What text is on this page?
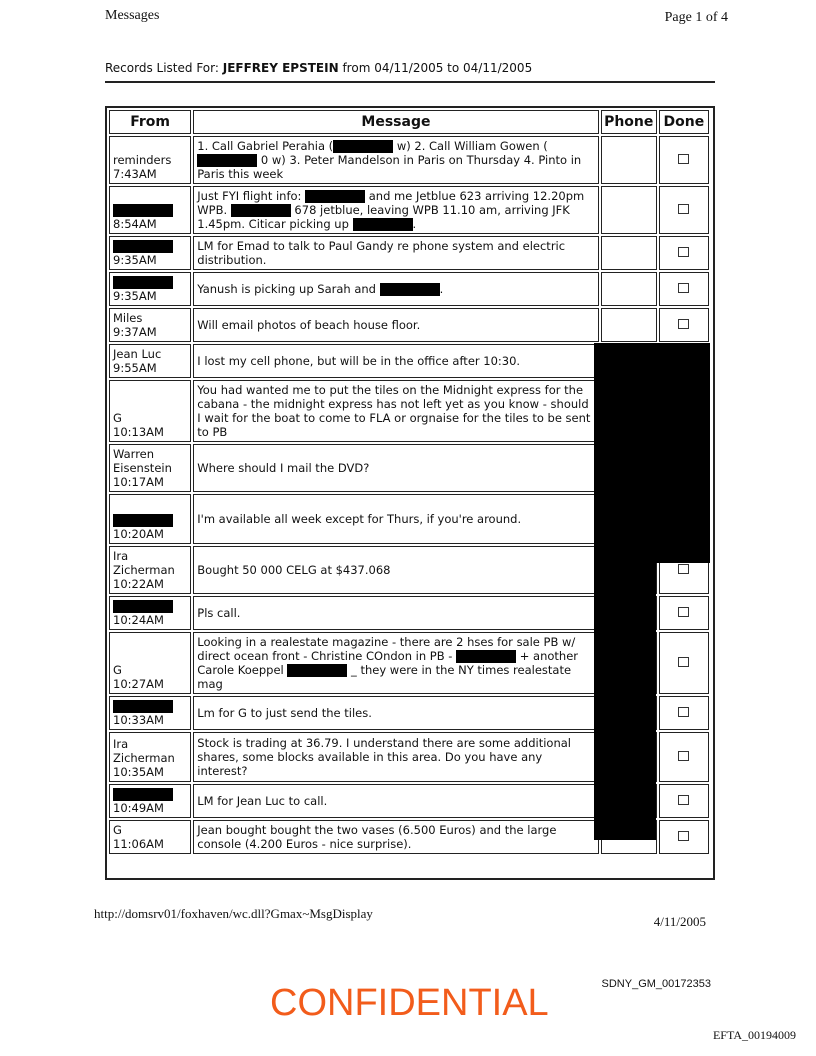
Messages	Page 1 of 4
Records Listed For: JEFFREY EPSTEIN from 04/11/2005 to 04/11/2005
From	Message	Phone	Done

reminders
7:43AM	1. Call Gabriel Perahia ( w) 2. Call William Gowen ( 0 w) 3. Peter Mandelson in Paris on Thursday 4. Pinto in Paris this week		

8:54AM	Just FYI flight info: and me Jetblue 623 arriving 12.20pm WPB. 678 jetblue, leaving WPB 11.10 am, arriving JFK 1.45pm. Citicar picking up .		

9:35AM	LM for Emad to talk to Paul Gandy re phone system and electric distribution.		

9:35AM	Yanush is picking up Sarah and .		

Miles
9:37AM	Will email photos of beach house floor.		

Jean Luc
9:55AM	I lost my cell phone, but will be in the office after 10:30.		

G
10:13AM	You had wanted me to put the tiles on the Midnight express for the cabana - the midnight express has not left yet as you know - should I wait for the boat to come to FLA or orgnaise for the tiles to be sent to PB		

Warren
Eisenstein
10:17AM	Where should I mail the DVD?		

10:20AM	I'm available all week except for Thurs, if you're around.		

Ira
Zicherman
10:22AM	Bought 50 000 CELG at $437.068		

10:24AM	Pls call.		

G
10:27AM	Looking in a realestate magazine - there are 2 hses for sale PB w/ direct ocean front - Christine COndon in PB - + another Carole Koeppel _ they were in the NY times realestate mag		

10:33AM	Lm for G to just send the tiles.		

Ira
Zicherman
10:35AM	Stock is trading at 36.79. I understand there are some additional shares, some blocks available in this area. Do you have any interest?		

10:49AM	LM for Jean Luc to call.		

G
11:06AM	Jean bought bought the two vases (6.500 Euros) and the large console (4.200 Euros - nice surprise).		
http://domsrv01/foxhaven/wc.dll?Gmax~MsgDisplay
4/11/2005
SDNY_GM_00172353
CONFIDENTIAL
EFTA_00194009
